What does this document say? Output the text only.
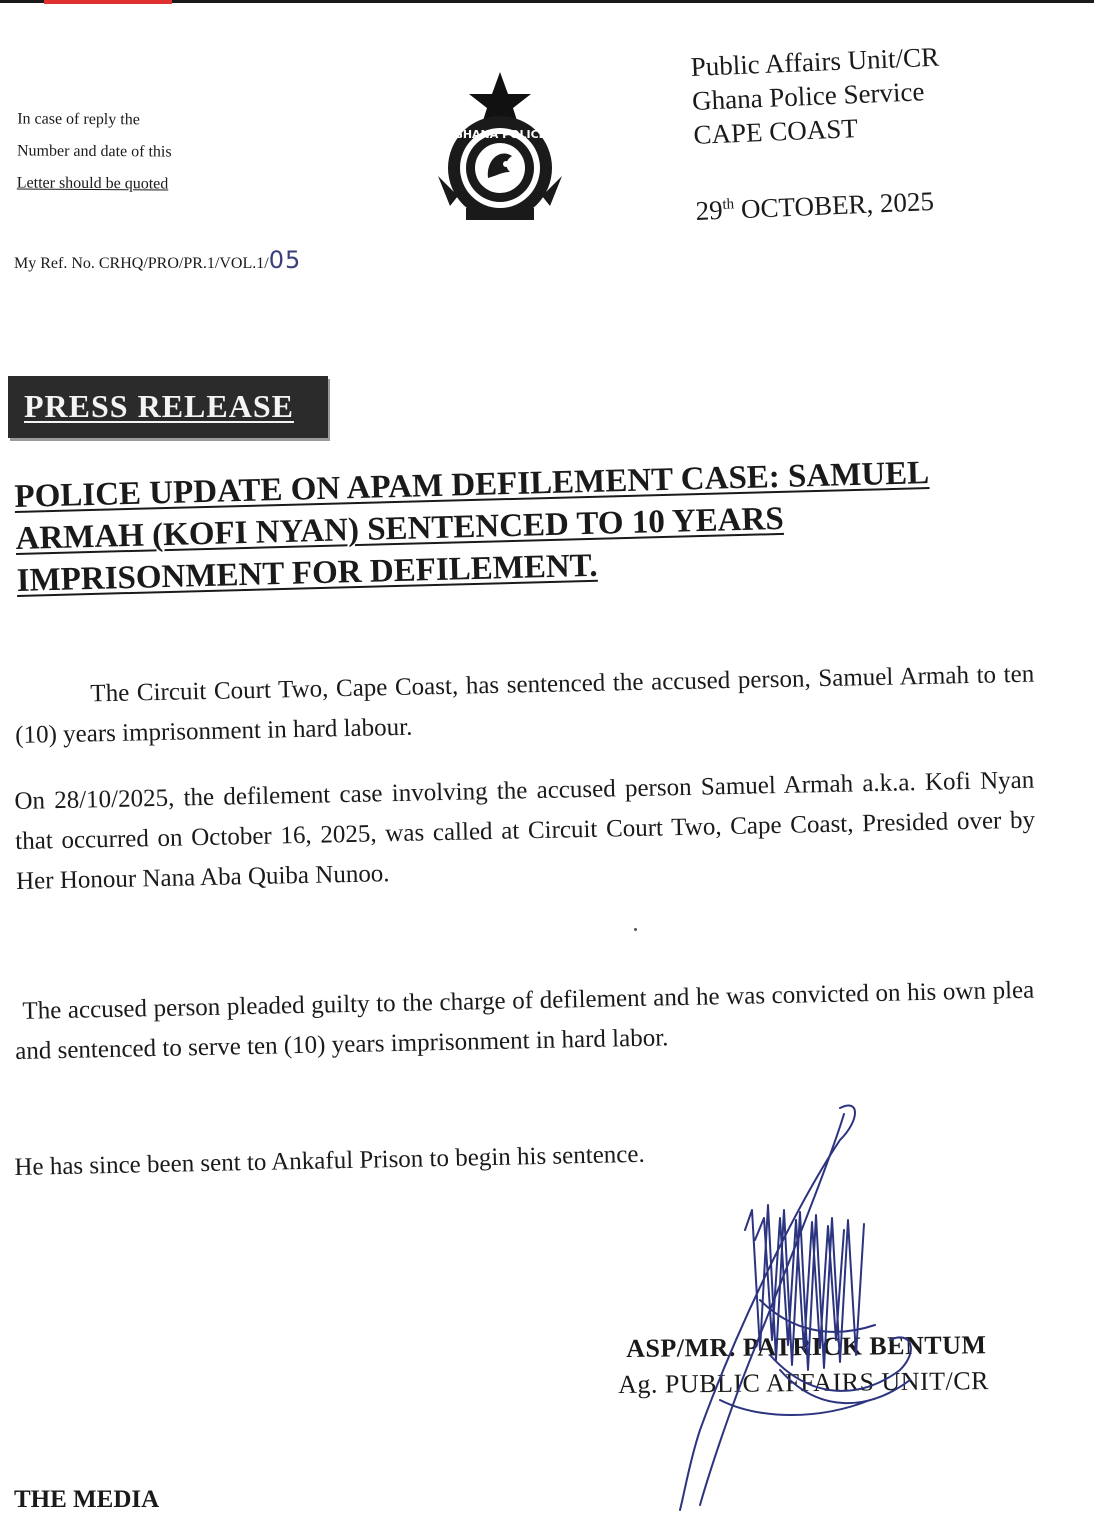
In case of reply the
Number and date of this
Letter should be quoted
My Ref. No. CRHQ/PRO/PR.1/VOL.1/05
GHANA POLICE
Public Affairs Unit/CR
Ghana Police Service
CAPE COAST
29th OCTOBER, 2025
PRESS RELEASE
POLICE UPDATE ON APAM DEFILEMENT CASE: SAMUEL
ARMAH (KOFI NYAN) SENTENCED TO 10 YEARS
IMPRISONMENT FOR DEFILEMENT.
The Circuit Court Two, Cape Coast, has sentenced the accused person, Samuel Armah to ten (10) years imprisonment in hard labour.
On 28/10/2025, the defilement case involving the accused person Samuel Armah a.k.a. Kofi Nyan that occurred on October 16, 2025, was called at Circuit Court Two, Cape Coast, Presided over by Her Honour Nana Aba Quiba Nunoo.
The accused person pleaded guilty to the charge of defilement and he was convicted on his own plea and sentenced to serve ten (10) years imprisonment in hard labor.
He has since been sent to Ankaful Prison to begin his sentence.
ASP/MR. PATRICK BENTUM
Ag. PUBLIC AFFAIRS UNIT/CR
THE MEDIA
